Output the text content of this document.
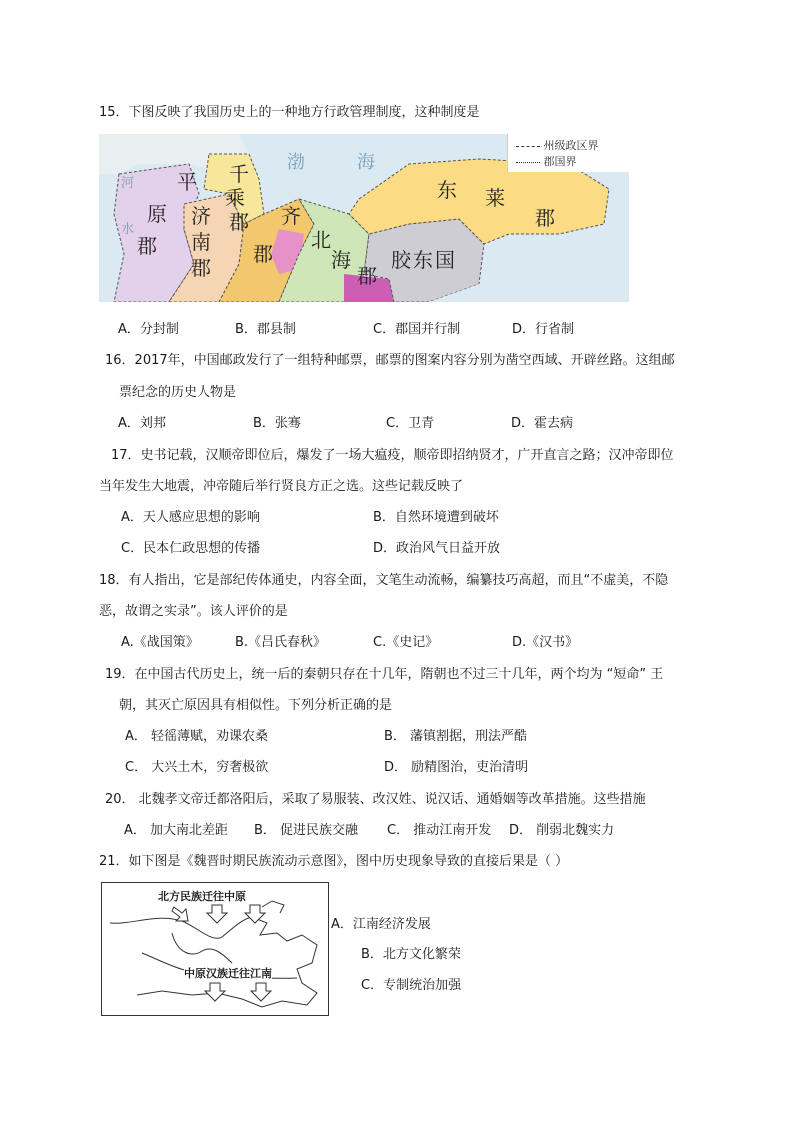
15．下图反映了我国历史上的一种地方行政管理制度，这种制度是
州级政区界
郡国界
渤	海
河
水
平
原
郡
济
南
郡
千
乘
郡 齐
郡
北
海
郡
胶东国
东 莱
郡
A．分封制	B．郡县制	C．郡国并行制	D．行省制
16．2017年，中国邮政发行了一组特种邮票，邮票的图案内容分别为凿空西域、开辟丝路。这组邮
票纪念的历史人物是
A．刘邦	B．张骞	C．卫青	D．霍去病
17．史书记载，汉顺帝即位后，爆发了一场大瘟疫，顺帝即招纳贤才，广开直言之路；汉冲帝即位
当年发生大地震，冲帝随后举行贤良方正之选。这些记载反映了
A．天人感应思想的影响	B．自然环境遭到破坏
C．民本仁政思想的传播	D．政治风气日益开放
18．有人指出，它是部纪传体通史，内容全面，文笔生动流畅，编纂技巧高超，而且“不虚美，不隐
恶，故谓之实录”。该人评价的是
A.《战国策》	B.《吕氏春秋》	C.《史记》	D.《汉书》
19．在中国古代历史上，统一后的秦朝只存在十几年，隋朝也不过三十几年，两个均为 “短命” 王
朝，其灭亡原因具有相似性。下列分析正确的是
A． 轻徭薄赋，劝课农桑	B． 藩镇割据，刑法严酷
C． 大兴土木，穷奢极欲	D． 励精图治，吏治清明
20． 北魏孝文帝迁都洛阳后，采取了易服装、改汉姓、说汉话、通婚姻等改革措施。这些措施
A． 加大南北差距 B． 促进民族交融 C． 推动江南开发 D． 削弱北魏实力
21．如下图是《魏晋时期民族流动示意图》，图中历史现象导致的直接后果是（ ）
北方民族迁往中原
中原汉族迁往江南
A．江南经济发展
B．北方文化繁荣
C．专制统治加强
